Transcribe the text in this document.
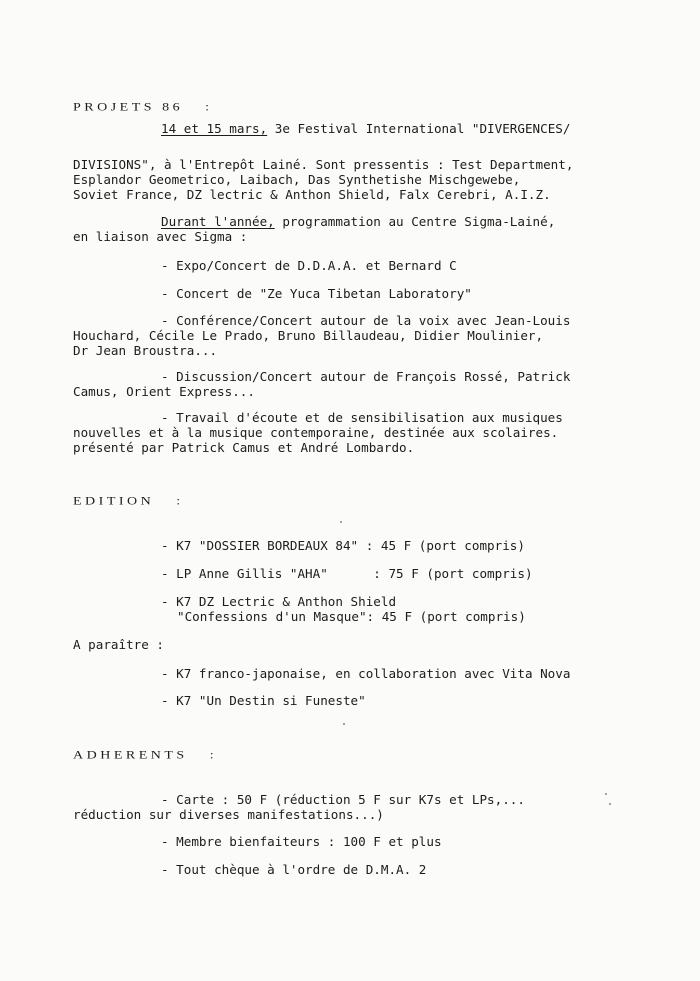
PROJETS 86 :
14 et 15 mars, 3e Festival International "DIVERGENCES/
DIVISIONS", à l'Entrepôt Lainé. Sont pressentis : Test Department,
Esplandor Geometrico, Laibach, Das Synthetishe Mischgewebe,
Soviet France, DZ lectric & Anthon Shield, Falx Cerebri, A.I.Z.
Durant l'année, programmation au Centre Sigma-Lainé,
en liaison avec Sigma :
- Expo/Concert de D.D.A.A. et Bernard C
- Concert de "Ze Yuca Tibetan Laboratory"
- Conférence/Concert autour de la voix avec Jean-Louis
Houchard, Cécile Le Prado, Bruno Billaudeau, Didier Moulinier,
Dr Jean Broustra...
- Discussion/Concert autour de François Rossé, Patrick
Camus, Orient Express...
- Travail d'écoute et de sensibilisation aux musiques
nouvelles et à la musique contemporaine, destinée aux scolaires.
présenté par Patrick Camus et André Lombardo.
EDITION :
- K7 "DOSSIER BORDEAUX 84" : 45 F (port compris)
- LP Anne Gillis "AHA"      : 75 F (port compris)
- K7 DZ Lectric & Anthon Shield
"Confessions d'un Masque": 45 F (port compris)
A paraître :
- K7 franco-japonaise, en collaboration avec Vita Nova
- K7 "Un Destin si Funeste"
ADHERENTS :
- Carte : 50 F (réduction 5 F sur K7s et LPs,...
réduction sur diverses manifestations...)
- Membre bienfaiteurs : 100 F et plus
- Tout chèque à l'ordre de D.M.A. 2
